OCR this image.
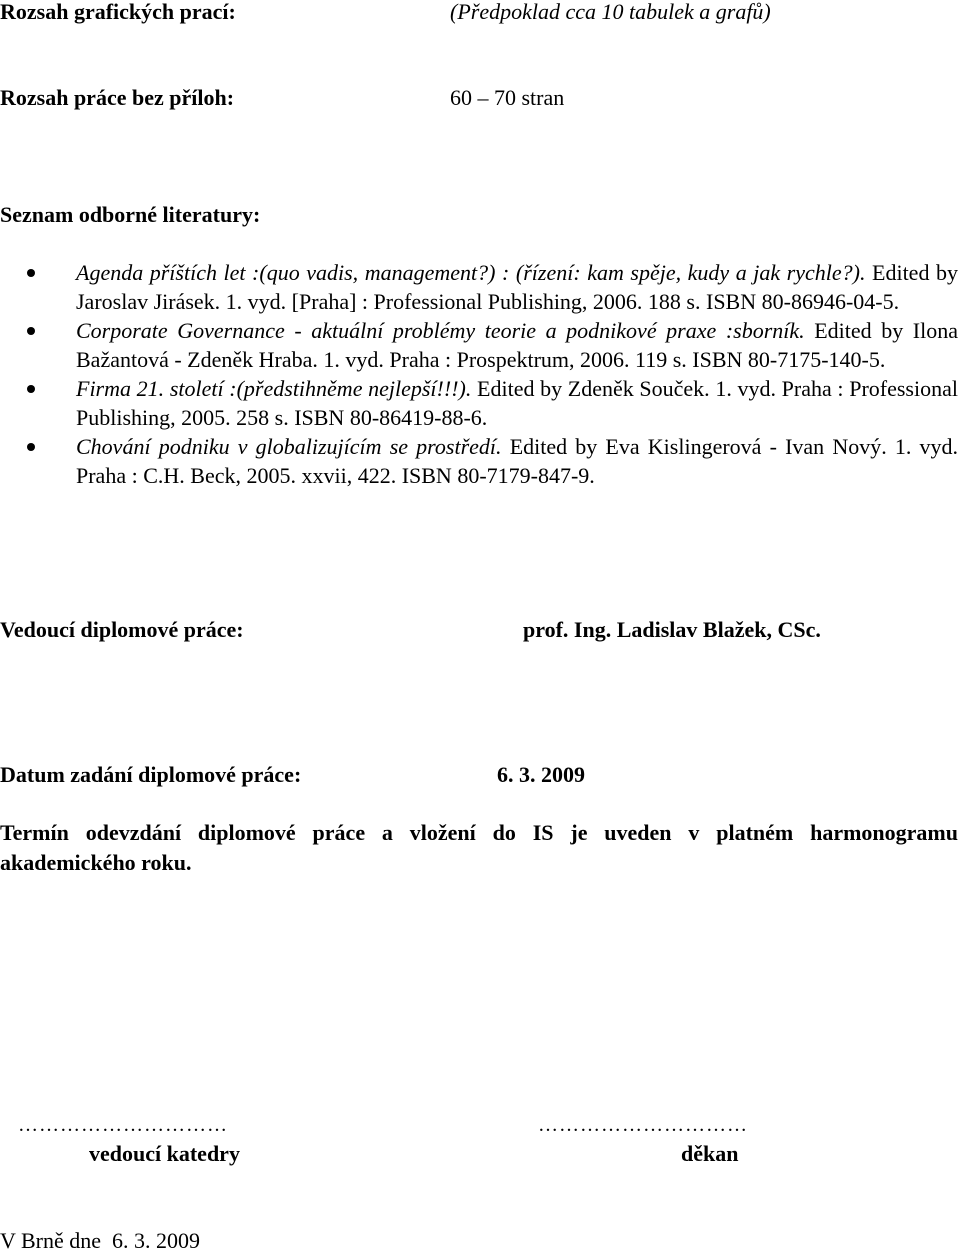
Rozsah grafických prací:	(Předpoklad cca 10 tabulek a grafů)
Rozsah práce bez příloh:	60 – 70 stran
Seznam odborné literatury:
Agenda příštích let :(quo vadis, management?) : (řízení: kam spěje, kudy a jak rychle?). Edited by Jaroslav Jirásek. 1. vyd. [Praha] : Professional Publishing, 2006. 188 s. ISBN 80-86946-04-5.
Corporate Governance - aktuální problémy teorie a podnikové praxe :sborník. Edited by Ilona Bažantová - Zdeněk Hraba. 1. vyd. Praha : Prospektrum, 2006. 119 s. ISBN 80-7175-140-5.
Firma 21. století :(předstihněme nejlepší!!!). Edited by Zdeněk Souček. 1. vyd. Praha : Professional Publishing, 2005. 258 s. ISBN 80-86419-88-6.
Chování podniku v globalizujícím se prostředí. Edited by Eva Kislingerová - Ivan Nový. 1. vyd. Praha : C.H. Beck, 2005. xxvii, 422. ISBN 80-7179-847-9.
Vedoucí diplomové práce:	prof. Ing. Ladislav Blažek, CSc.
Datum zadání diplomové práce:	6. 3. 2009
Termín odevzdání diplomové práce a vložení do IS je uveden v platném harmonogramu akademického roku.
…………………………	…………………………
vedoucí katedry	děkan
V Brně dne  6. 3. 2009
